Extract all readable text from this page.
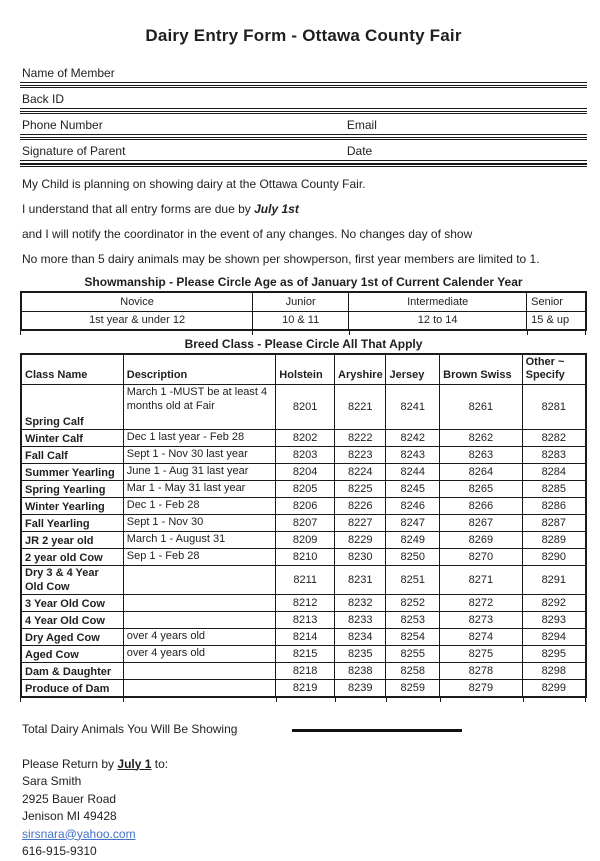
Dairy Entry Form - Ottawa County Fair
Name of Member
Back ID
Phone Number	Email
Signature of Parent	Date

My Child is planning on showing dairy at the Ottawa County Fair.

I understand that all entry forms are due by July 1st

and I will notify the coordinator in the event of any changes. No changes day of show

No more than 5 dairy animals may be shown per showperson, first year members are limited to 1.

Showmanship - Please Circle Age as of January 1st of Current Calender Year
Novice	Junior	Intermediate	Senior
1st year & under 12	10 & 11	12 to 14	15 & up
Breed Class - Please Circle All That Apply
Class Name	Description	Holstein	Aryshire	Jersey	Brown Swiss	Other ~ Specify
Spring Calf	March 1 -MUST be at least 4 months old at Fair	8201	8221	8241	8261	8281
Winter Calf	Dec 1 last year - Feb 28	8202	8222	8242	8262	8282
Fall Calf	Sept 1 - Nov 30 last year	8203	8223	8243	8263	8283
Summer Yearling	June 1 - Aug 31 last year	8204	8224	8244	8264	8284
Spring Yearling	Mar 1 - May 31 last year	8205	8225	8245	8265	8285
Winter Yearling	Dec 1 - Feb 28	8206	8226	8246	8266	8286
Fall Yearling	Sept 1 - Nov 30	8207	8227	8247	8267	8287
JR 2 year old	March 1 - August 31	8209	8229	8249	8269	8289
2 year old Cow	Sep 1 - Feb 28	8210	8230	8250	8270	8290
Dry 3 & 4 Year Old Cow		8211	8231	8251	8271	8291
3 Year Old Cow		8212	8232	8252	8272	8292
4 Year Old Cow		8213	8233	8253	8273	8293
Dry Aged Cow	over 4 years old	8214	8234	8254	8274	8294
Aged Cow	over 4 years old	8215	8235	8255	8275	8295
Dam & Daughter		8218	8238	8258	8278	8298
Produce of Dam		8219	8239	8259	8279	8299
Total Dairy Animals You Will Be Showing
Please Return by July 1 to:
Sara Smith
2925 Bauer Road
Jenison MI 49428
sirsnara@yahoo.com
616-915-9310
